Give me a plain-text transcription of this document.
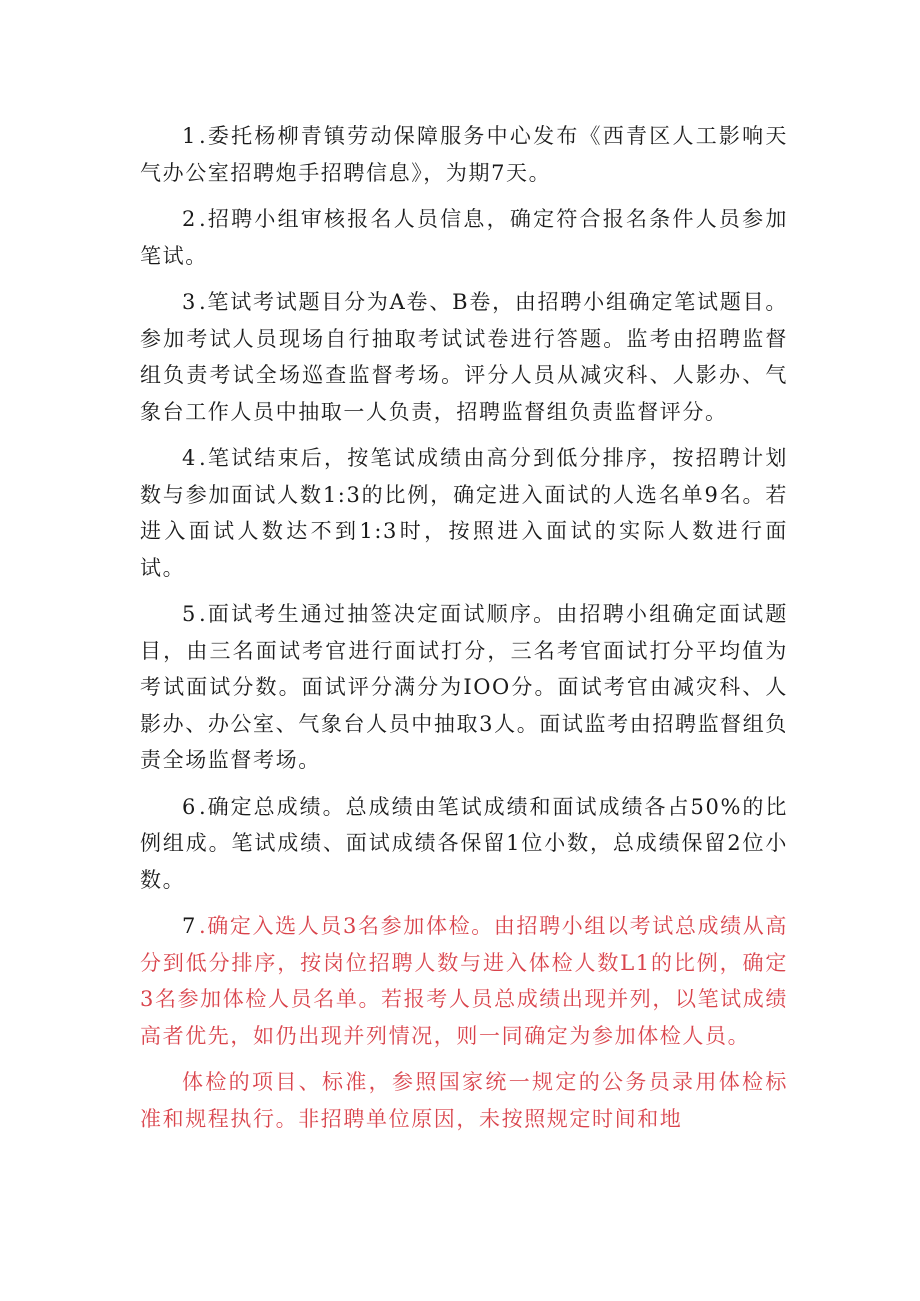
1.委托杨柳青镇劳动保障服务中心发布《西青区人工影响天气办公室招聘炮手招聘信息》，为期7天。

2.招聘小组审核报名人员信息，确定符合报名条件人员参加笔试。

3.笔试考试题目分为A卷、B卷，由招聘小组确定笔试题目。参加考试人员现场自行抽取考试试卷进行答题。监考由招聘监督组负责考试全场巡查监督考场。评分人员从减灾科、人影办、气象台工作人员中抽取一人负责，招聘监督组负责监督评分。

4.笔试结束后，按笔试成绩由高分到低分排序，按招聘计划数与参加面试人数1:3的比例，确定进入面试的人选名单9名。若进入面试人数达不到1:3时，按照进入面试的实际人数进行面试。

5.面试考生通过抽签决定面试顺序。由招聘小组确定面试题目，由三名面试考官进行面试打分，三名考官面试打分平均值为考试面试分数。面试评分满分为IOO分。面试考官由减灾科、人影办、办公室、气象台人员中抽取3人。面试监考由招聘监督组负责全场监督考场。

6.确定总成绩。总成绩由笔试成绩和面试成绩各占50%的比例组成。笔试成绩、面试成绩各保留1位小数，总成绩保留2位小数。

7.确定入选人员3名参加体检。由招聘小组以考试总成绩从高分到低分排序，按岗位招聘人数与进入体检人数L1的比例，确定3名参加体检人员名单。若报考人员总成绩出现并列，以笔试成绩高者优先，如仍出现并列情况，则一同确定为参加体检人员。

体检的项目、标准，参照国家统一规定的公务员录用体检标准和规程执行。非招聘单位原因，未按照规定时间和地
